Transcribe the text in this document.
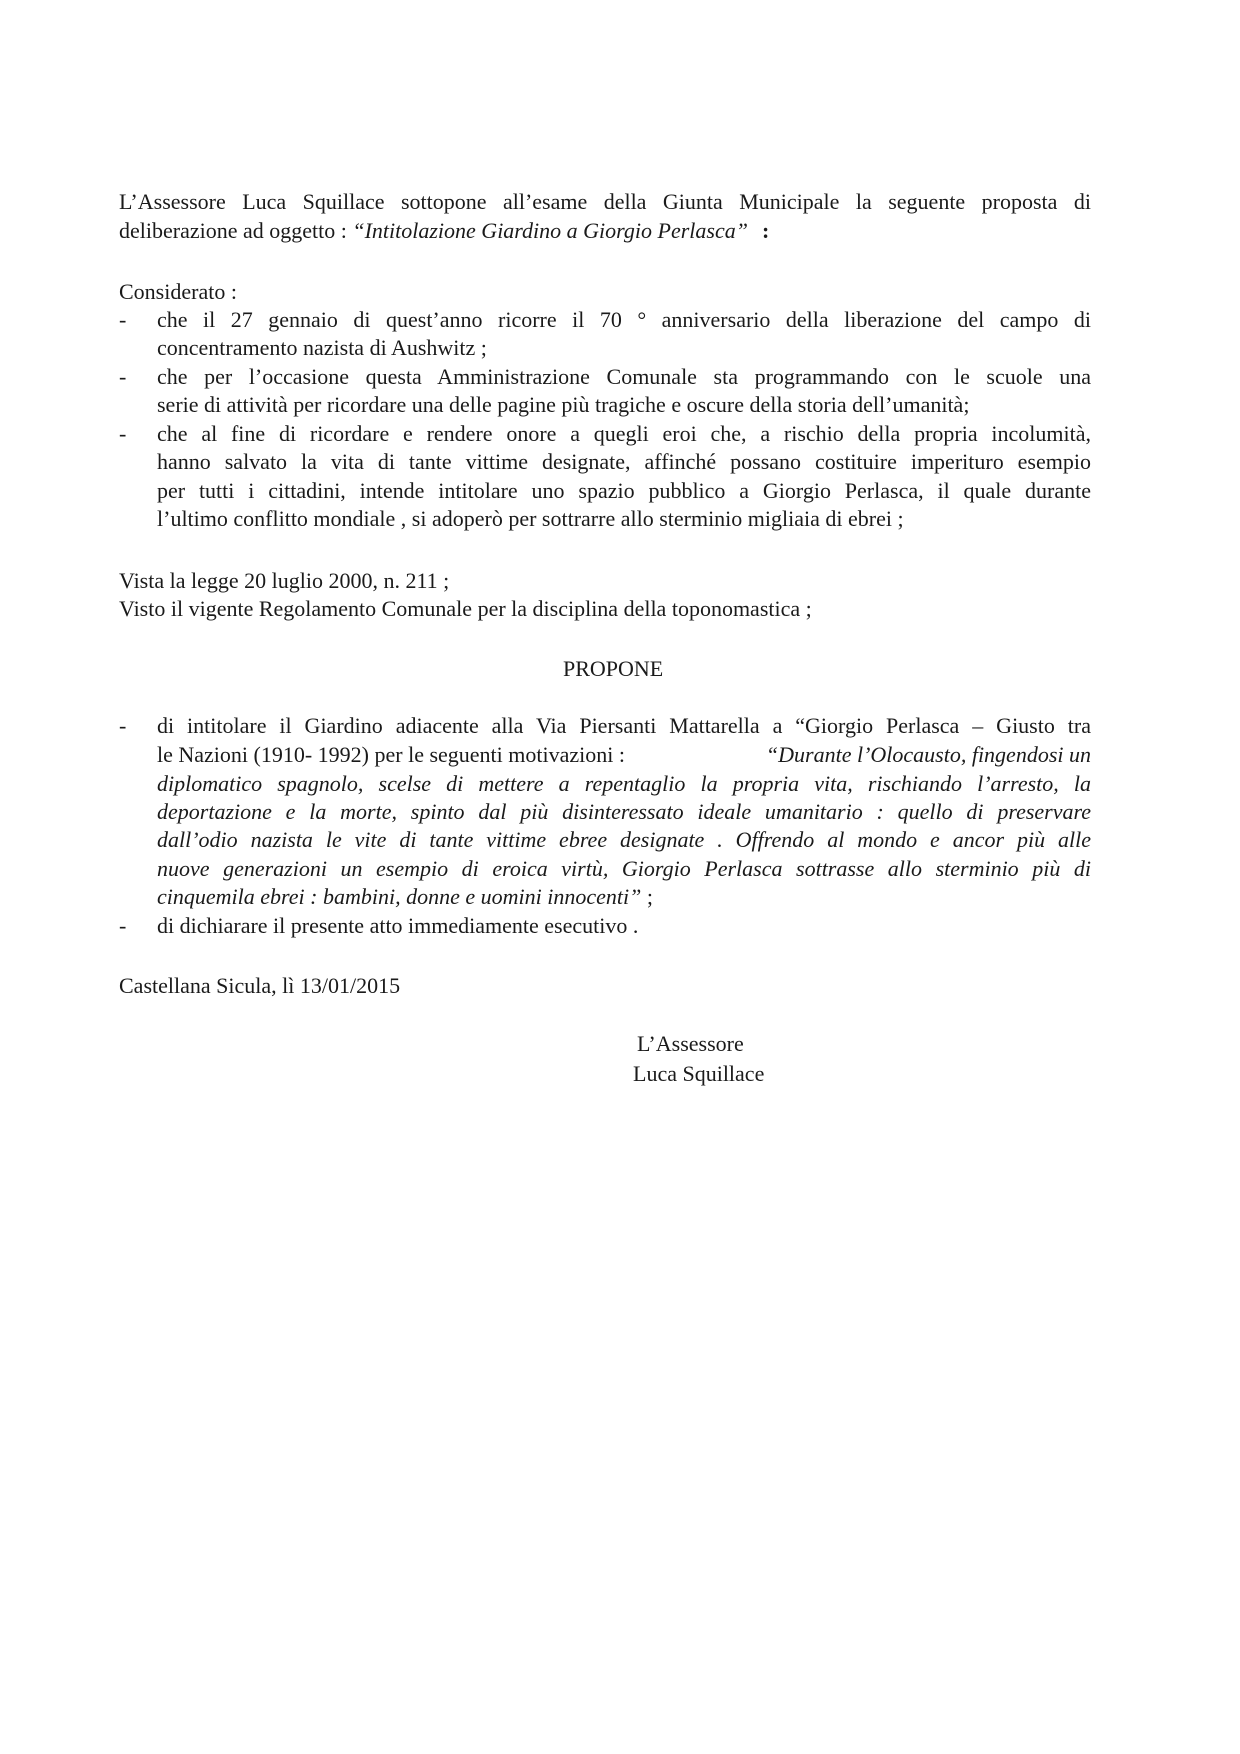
L’Assessore Luca Squillace sottopone all’esame della Giunta Municipale la seguente proposta di
deliberazione ad oggetto : “Intitolazione Giardino a Giorgio Perlasca” :
Considerato :
- che il 27 gennaio di quest’anno ricorre il 70 ° anniversario della liberazione del campo di
concentramento nazista di Aushwitz ;
- che per l’occasione questa Amministrazione Comunale sta programmando con le scuole una
serie di attività per ricordare una delle pagine più tragiche e oscure della storia dell’umanità;
- che al fine di ricordare e rendere onore a quegli eroi che, a rischio della propria incolumità,
hanno salvato la vita di tante vittime designate, affinché possano costituire imperituro esempio
per tutti i cittadini, intende intitolare uno spazio pubblico a Giorgio Perlasca, il quale durante
l’ultimo conflitto mondiale , si adoperò per sottrarre allo sterminio migliaia di ebrei ;
Vista la legge 20 luglio 2000, n. 211 ;
Visto il vigente Regolamento Comunale per la disciplina della toponomastica ;
PROPONE
- di intitolare il Giardino adiacente alla Via Piersanti Mattarella a “Giorgio Perlasca – Giusto tra
le Nazioni (1910- 1992) per le seguenti motivazioni :	“Durante l’Olocausto, fingendosi un
diplomatico spagnolo, scelse di mettere a repentaglio la propria vita, rischiando l’arresto, la
deportazione e la morte, spinto dal più disinteressato ideale umanitario : quello di preservare
dall’odio nazista le vite di tante vittime ebree designate . Offrendo al mondo e ancor più alle
nuove generazioni un esempio di eroica virtù, Giorgio Perlasca sottrasse allo sterminio più di
cinquemila ebrei : bambini, donne e uomini innocenti” ;
- di dichiarare il presente atto immediamente esecutivo .
Castellana Sicula, lì 13/01/2015
L’Assessore
Luca Squillace
